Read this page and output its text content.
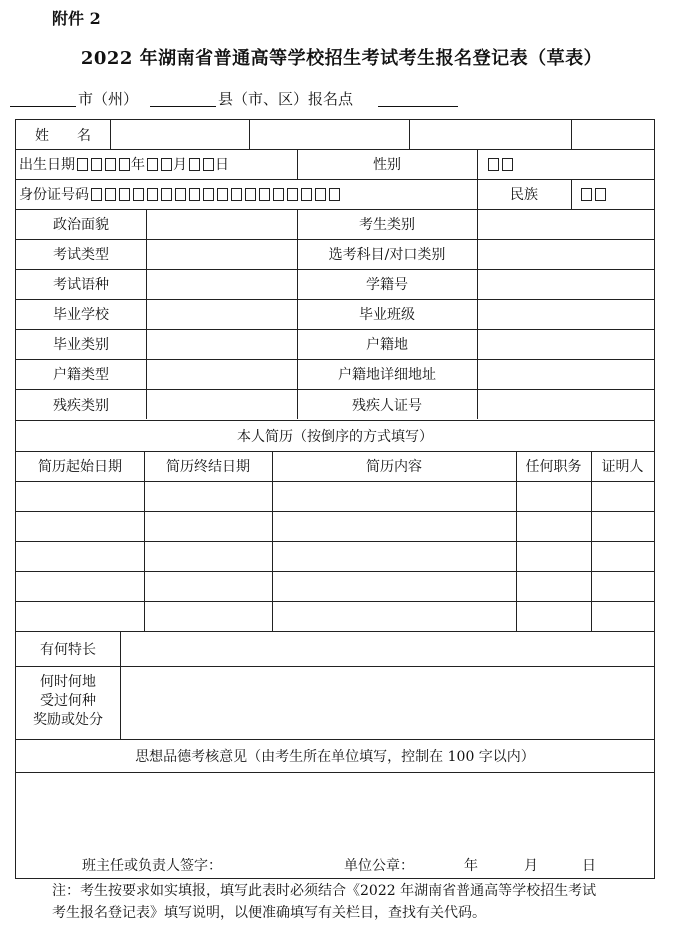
附件 2
2022 年湖南省普通高等学校招生考试考生报名登记表（草表）
市（州）	县（市、区）报名点
姓　　名
出生日期	年 月 日	性别
身份证号码	民族
政治面貌	考生类别
考试类型	选考科目/对口类别
考试语种	学籍号
毕业学校	毕业班级
毕业类别	户籍地
户籍类型	户籍地详细地址
残疾类别	残疾人证号
本人简历（按倒序的方式填写）
简历起始日期	简历终结日期	简历内容	任何职务	证明人
有何特长
何时何地
受过何种
奖励或处分
思想品德考核意见（由考生所在单位填写，控制在 100 字以内）
班主任或负责人签字：	单位公章：	年	月	日
注：考生按要求如实填报，填写此表时必须结合《2022 年湖南省普通高等学校招生考试
考生报名登记表》填写说明，以便准确填写有关栏目，查找有关代码。
